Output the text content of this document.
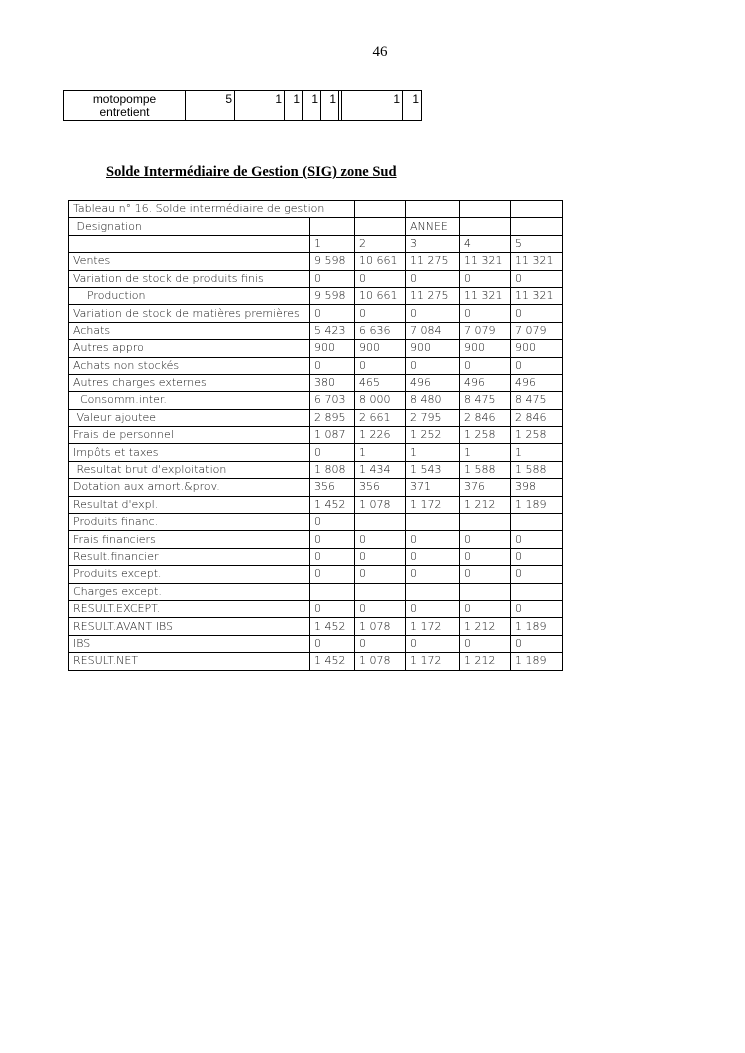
46
motopompe
entretient	5	1	1	1	1		1	1
Solde Intermédiaire de Gestion (SIG) zone Sud
Tableau n° 16. Solde intermédiaire de gestion					
Designation			ANNEE		
	1	2	3	4	5
Ventes	9 598	10 661	11 275	11 321	11 321
Variation de stock de produits finis	0	0	0	0	0
Production	9 598	10 661	11 275	11 321	11 321
Variation de stock de matières premières	0	0	0	0	0
Achats	5 423	6 636	7 084	7 079	7 079
Autres appro	900	900	900	900	900
Achats non stockés	0	0	0	0	0
Autres charges externes	380	465	496	496	496
Consomm.inter.	6 703	8 000	8 480	8 475	8 475
Valeur ajoutee	2 895	2 661	2 795	2 846	2 846
Frais de personnel	1 087	1 226	1 252	1 258	1 258
Impôts et taxes	0	1	1	1	1
Resultat brut d'exploitation	1 808	1 434	1 543	1 588	1 588
Dotation aux amort.&prov.	356	356	371	376	398
Resultat d'expl.	1 452	1 078	1 172	1 212	1 189
Produits financ.	0				
Frais financiers	0	0	0	0	0
Result.financier	0	0	0	0	0
Produits except.	0	0	0	0	0
Charges except.					
RESULT.EXCEPT.	0	0	0	0	0
RESULT.AVANT IBS	1 452	1 078	1 172	1 212	1 189
IBS	0	0	0	0	0
RESULT.NET	1 452	1 078	1 172	1 212	1 189
